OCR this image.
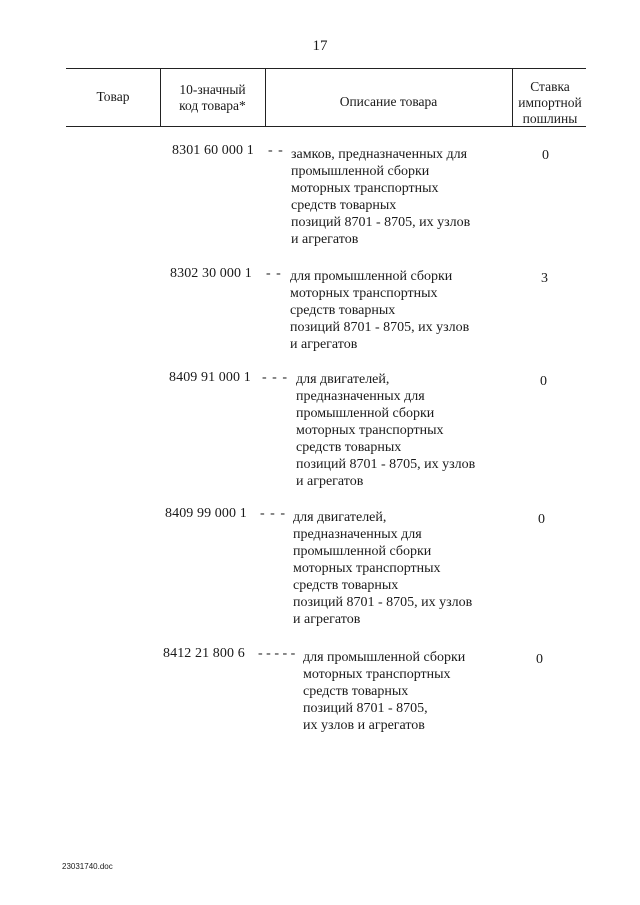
17
Товар	10-значный
код товара*	Описание товара
Ставка
импортной
пошлины
8301 60 000 1 - - замков, предназначенных для
промышленной сборки
моторных транспортных
средств товарных
позиций 8701 - 8705, их узлов
и агрегатов
0
8302 30 000 1 - - для промышленной сборки
моторных транспортных
средств товарных
позиций 8701 - 8705, их узлов
и агрегатов
3
8409 91 000 1 - - - для двигателей,
предназначенных для
промышленной сборки
моторных транспортных
средств товарных
позиций 8701 - 8705, их узлов
и агрегатов
0
8409 99 000 1 - - - для двигателей,
предназначенных для
промышленной сборки
моторных транспортных
средств товарных
позиций 8701 - 8705, их узлов
и агрегатов
0
8412 21 800 6 - - - - - для промышленной сборки
моторных транспортных
средств товарных
позиций 8701 - 8705,
их узлов и агрегатов
0
23031740.doc
